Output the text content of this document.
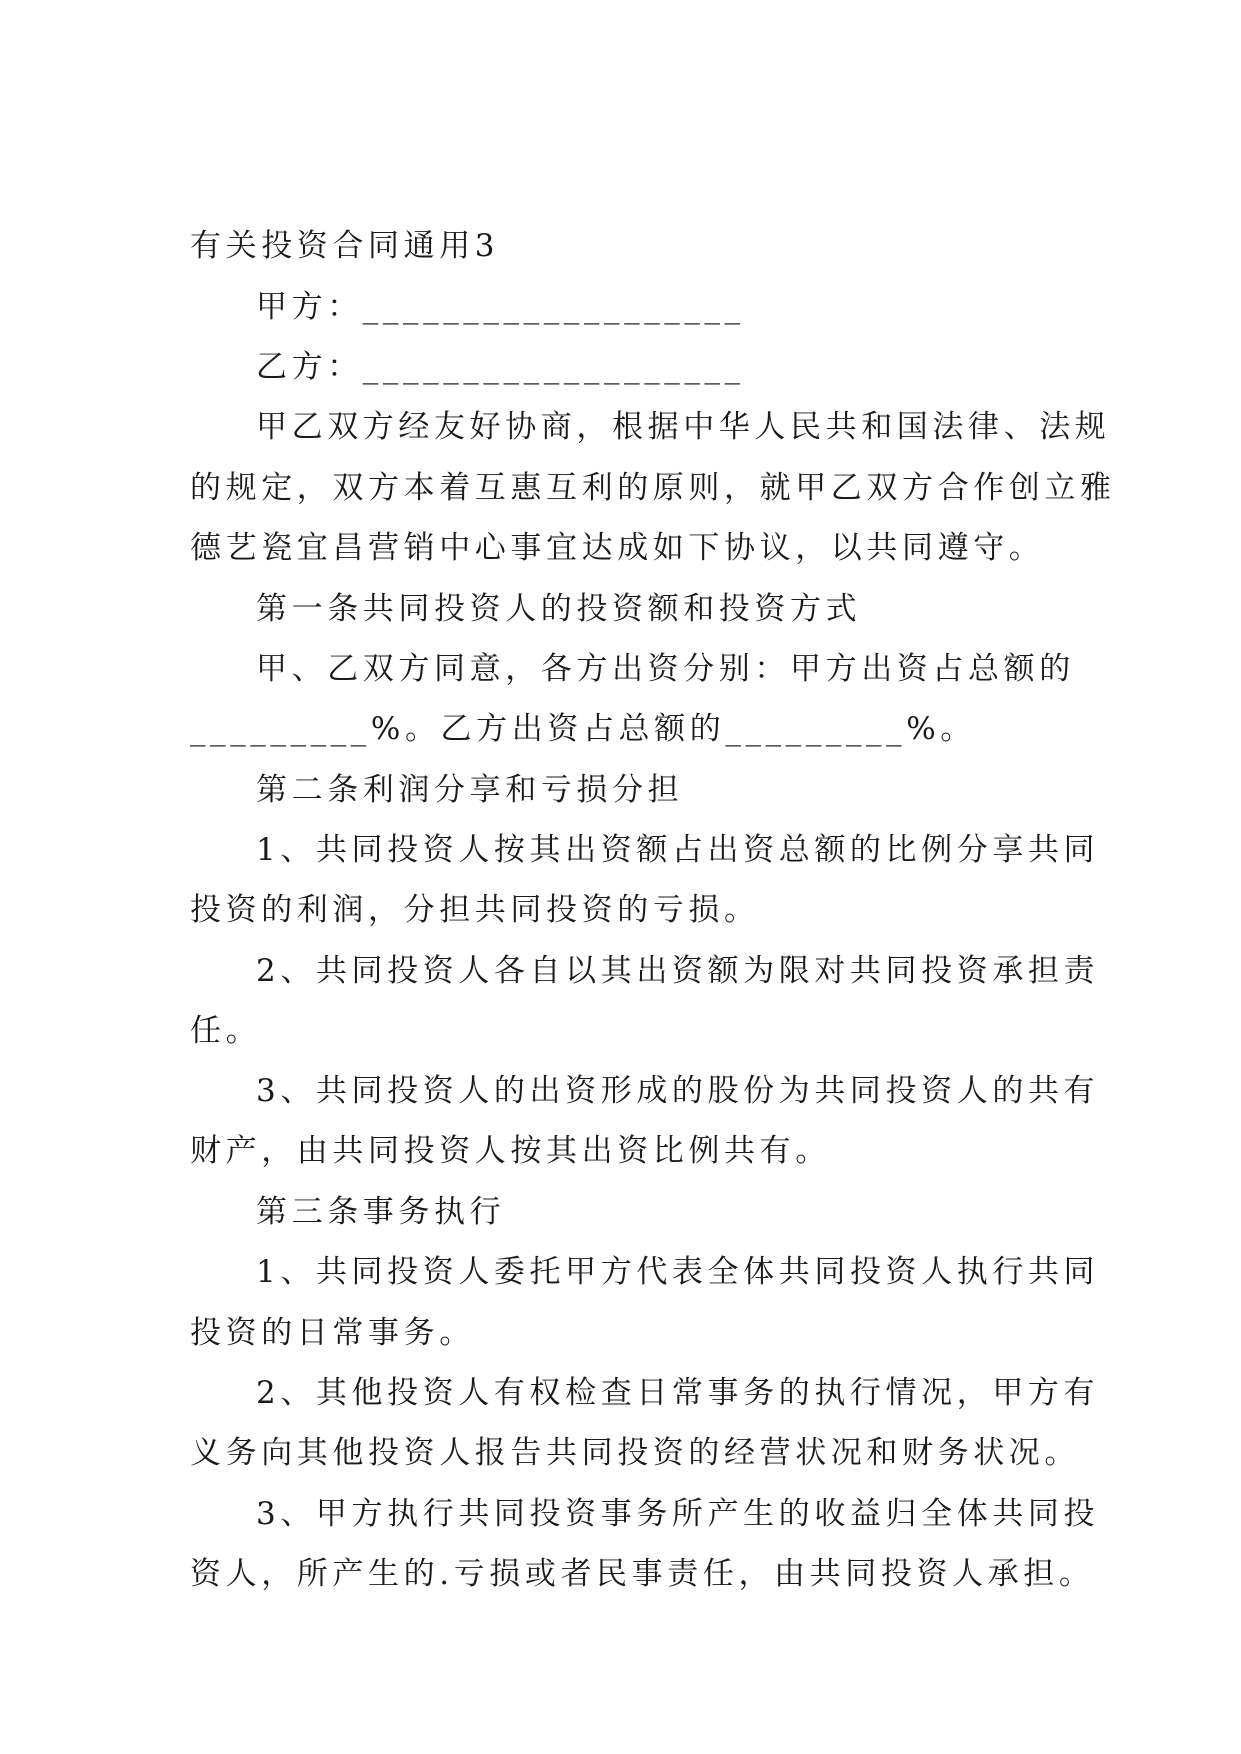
有关投资合同通用3
甲方：___________________
乙方：___________________
甲乙双方经友好协商，根据中华人民共和国法律、法规
的规定，双方本着互惠互利的原则，就甲乙双方合作创立雅
德艺瓷宜昌营销中心事宜达成如下协议，以共同遵守。
第一条共同投资人的投资额和投资方式
甲、乙双方同意，各方出资分别：甲方出资占总额的
_________%。乙方出资占总额的_________%。
第二条利润分享和亏损分担
1、共同投资人按其出资额占出资总额的比例分享共同
投资的利润，分担共同投资的亏损。
2、共同投资人各自以其出资额为限对共同投资承担责
任。
3、共同投资人的出资形成的股份为共同投资人的共有
财产，由共同投资人按其出资比例共有。
第三条事务执行
1、共同投资人委托甲方代表全体共同投资人执行共同
投资的日常事务。
2、其他投资人有权检查日常事务的执行情况，甲方有
义务向其他投资人报告共同投资的经营状况和财务状况。
3、甲方执行共同投资事务所产生的收益归全体共同投
资人，所产生的.亏损或者民事责任，由共同投资人承担。
